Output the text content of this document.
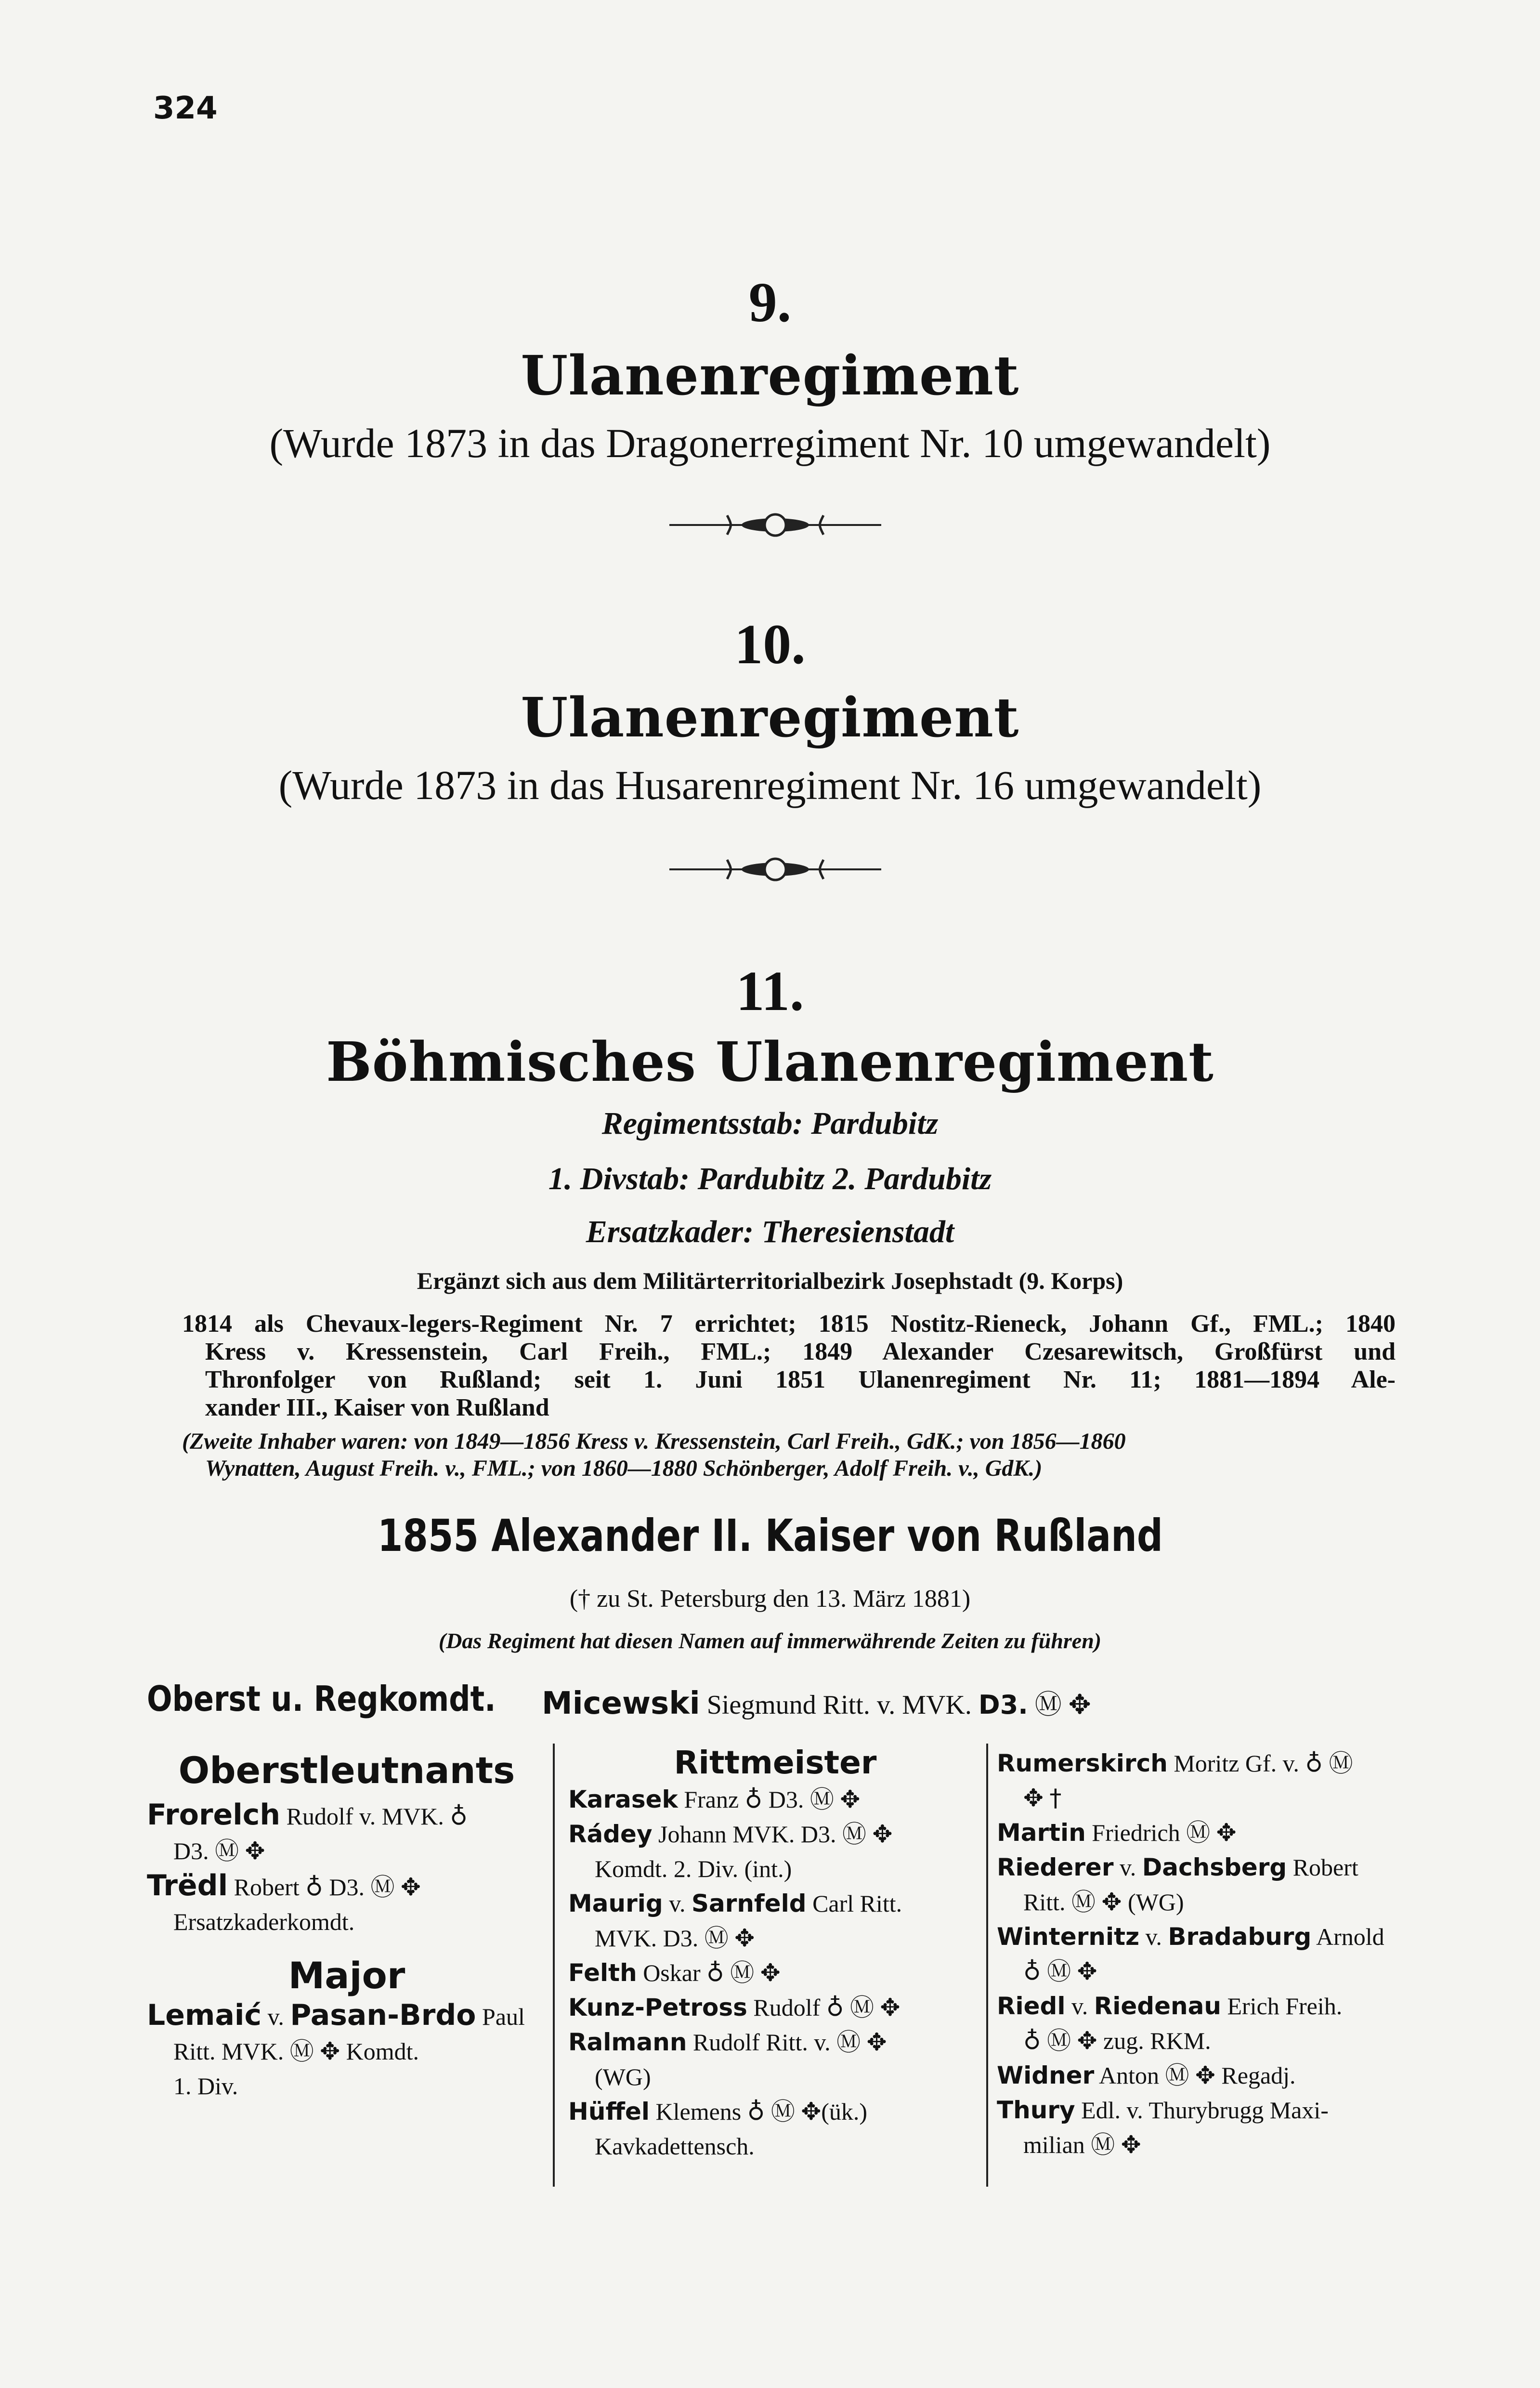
324
9.
Ulanenregiment
(Wurde 1873 in das Dragonerregiment Nr. 10 umgewandelt)
10.
Ulanenregiment
(Wurde 1873 in das Husarenregiment Nr. 16 umgewandelt)
11.
Böhmisches Ulanenregiment
Regimentsstab: Pardubitz
1. Divstab: Pardubitz 2. Pardubitz
Ersatzkader: Theresienstadt
Ergänzt sich aus dem Militärterritorialbezirk Josephstadt (9. Korps)
1814 als Chevaux-legers-Regiment Nr. 7 errichtet; 1815 Nostitz-Rieneck, Johann Gf., FML.; 1840
Kress v. Kressenstein, Carl Freih., FML.; 1849 Alexander Czesarewitsch, Großfürst und
Thronfolger von Rußland; seit 1. Juni 1851 Ulanenregiment Nr. 11; 1881—1894 Ale-
xander III., Kaiser von Rußland
(Zweite Inhaber waren: von 1849—1856 Kress v. Kressenstein, Carl Freih., GdK.; von 1856—1860
Wynatten, August Freih. v., FML.; von 1860—1880 Schönberger, Adolf Freih. v., GdK.)
1855 Alexander II. Kaiser von Rußland
(† zu St. Petersburg den 13. März 1881)
(Das Regiment hat diesen Namen auf immerwährende Zeiten zu führen)
Oberst u. Regkomdt.	Micewski Siegmund Ritt. v. MVK. D3. Ⓜ ✥
Oberstleutnants
Frorelch Rudolf v. MVK. ♁
D3. Ⓜ ✥
Trëdl Robert ♁ D3. Ⓜ ✥
Ersatzkaderkomdt.
Major
Lemaić v. Pasan-Brdo Paul
Ritt. MVK. Ⓜ ✥ Komdt.
1. Div.
Rittmeister
Karasek Franz ♁ D3. Ⓜ ✥
Rádey Johann MVK. D3. Ⓜ ✥
Komdt. 2. Div. (int.)
Maurig v. Sarnfeld Carl Ritt.
MVK. D3. Ⓜ ✥
Felth Oskar ♁ Ⓜ ✥
Kunz-Petross Rudolf ♁ Ⓜ ✥
Ralmann Rudolf Ritt. v. Ⓜ ✥
(WG)
Hüffel Klemens ♁ Ⓜ ✥(ük.)
Kavkadettensch.
Rumerskirch Moritz Gf. v. ♁ Ⓜ
✥ †
Martin Friedrich Ⓜ ✥
Riederer v. Dachsberg Robert
Ritt. Ⓜ ✥ (WG)
Winternitz v. Bradaburg Arnold
♁ Ⓜ ✥
Riedl v. Riedenau Erich Freih.
♁ Ⓜ ✥ zug. RKM.
Widner Anton Ⓜ ✥ Regadj.
Thury Edl. v. Thurybrugg Maxi-
milian Ⓜ ✥
